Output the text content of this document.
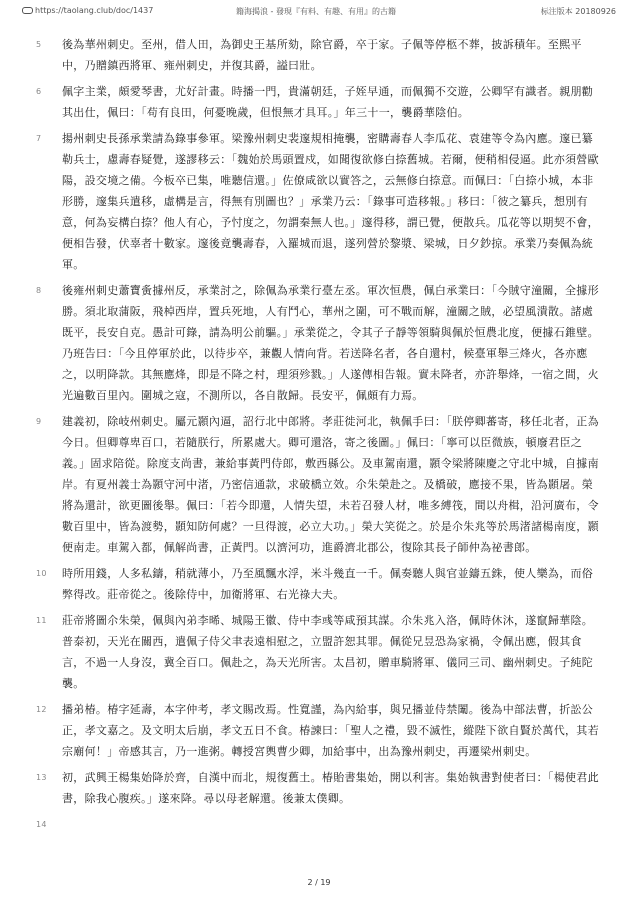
https://taolang.club/doc/1437	籍海揭浪 - 發現『有料、有趣、有用』的古籍	标注版本 20180926
5 後為華州刺史。至州，借人田，為御史王基所劾，除官爵，卒于家。子佩等停柩不葬，披訴積年。至熙平中，乃贈鎮西將軍、雍州刺史，并復其爵，謚曰壯。
6 佩字主業，頗愛琴書，尤好計畫。時播一門，貴滿朝廷，子姪早通，而佩獨不交遊，公卿罕有識者。親朋勸其出仕，佩曰：「苟有良田，何憂晚歲，但恨無才具耳。」年三十一，襲爵華陰伯。
7 揚州刺史長孫承業請為錄事參軍。梁豫州刺史裴邃規相掩襲，密購壽春人李瓜花、袁建等令為內應。邃已纂勒兵士，慮壽春疑覺，遂謬移云：「魏始於馬頭置戍，如聞復欲修白捺舊城。若爾，便稍相侵逼。此亦須營歐陽，設交境之備。今板卒已集，唯聽信還。」佐僚咸欲以實答之，云無修白捺意。而佩曰：「白捺小城，本非形勝，邃集兵遣移，虛構是言，得無有別圖也？」承業乃云：「錄事可造移報。」移曰：「彼之纂兵，想別有意，何為妄構白捺？他人有心，予忖度之，勿謂秦無人也。」邃得移，謂已覺，便散兵。瓜花等以期契不會，便相告發，伏辜者十數家。邃後竟襲壽春，入羅城而退，遂列營於黎漿、梁城，日夕鈔掠。承業乃奏佩為統軍。
8 後雍州刺史蕭寶夤據州反，承業討之，除佩為承業行臺左丞。軍次恒農，佩白承業曰：「今賊守潼關，全據形勝。須北取蒲阪，飛棹西岸，置兵死地，人有鬥心，華州之圍，可不戰而解，潼關之賊，必望風潰散。諸處既平，長安自克。愚計可錄，請為明公前驅。」承業從之，令其子子靜等領騎與佩於恒農北度，便據石錐壁。乃班告曰：「今且停軍於此，以待步卒，兼觀人情向背。若送降名者，各自還村，候臺軍舉三烽火，各亦應之，以明降款。其無應烽，即是不降之村，理須殄戮。」人遂傳相告報。實未降者，亦許舉烽，一宿之間，火光遍數百里內。圍城之寇，不測所以，各自散歸。長安平，佩頗有力焉。
9 建義初，除岐州刺史。屬元顥內逼，詔行北中郎將。孝莊徙河北，執佩手曰：「朕停卿蕃寄，移任北者，正為今日。但卿尊卑百口，若隨朕行，所累處大。卿可還洛，寄之後圖。」佩曰：「寧可以臣微族，頓廢君臣之義。」固求陪從。除度支尚書，兼給事黃門侍郎，敷西縣公。及車駕南還，顥令梁將陳慶之守北中城，自據南岸。有夏州義士為顥守河中渚，乃密信通款，求破橋立效。尒朱榮赴之。及橋破，應接不果，皆為顥屠。榮將為還計，欲更圖後舉。佩曰：「若今即還，人情失望，未若召發人材，唯多縛筏，間以舟楫，沿河廣布，令數百里中，皆為渡勢，顥知防何處？一旦得渡，必立大功。」榮大笑從之。於是尒朱兆等於馬渚諸楊南度，顥便南走。車駕入都，佩解尚書，正黃門。以濟河功，進爵濟北郡公，復除其長子師仲為祕書郎。
10 時所用錢，人多私鑄，稍就薄小，乃至風飄水浮，米斗幾直一千。佩奏聽人與官並鑄五銖，使人樂為，而俗弊得改。莊帝從之。後除侍中，加衛將軍、右光祿大夫。
11 莊帝將圖尒朱榮，佩與內弟李晞、城陽王徽、侍中李彧等咸預其謀。尒朱兆入洛，佩時休沐，遂竄歸華陰。普泰初，天光在關西，遣佩子侍父聿表遠相慰之，立盟許恕其罪。佩從兄昱恐為家禍，令佩出應，假其食言，不過一人身沒，冀全百口。佩赴之，為天光所害。太昌初，贈車騎將軍、儀同三司、幽州刺史。子純陀襲。
12 播弟椿。椿字延壽，本字仲考，孝文賜改焉。性寬謹，為內給事，與兄播並侍禁闈。後為中部法曹，折訟公正，孝文嘉之。及文明太后崩，孝文五日不食。椿諫曰：「聖人之禮，毀不滅性，縱陛下欲自賢於萬代，其若宗廟何！」帝感其言，乃一進粥。轉授宮輿曹少卿，加給事中，出為豫州刺史，再遷梁州刺史。
13 初，武興王楊集始降於齊，自漢中而北，規復舊土。椿貽書集始，開以利害。集始執書對使者曰：「楊使君此書，除我心腹疾。」遂來降。尋以母老解還。後兼太僕卿。
14
2 / 19
